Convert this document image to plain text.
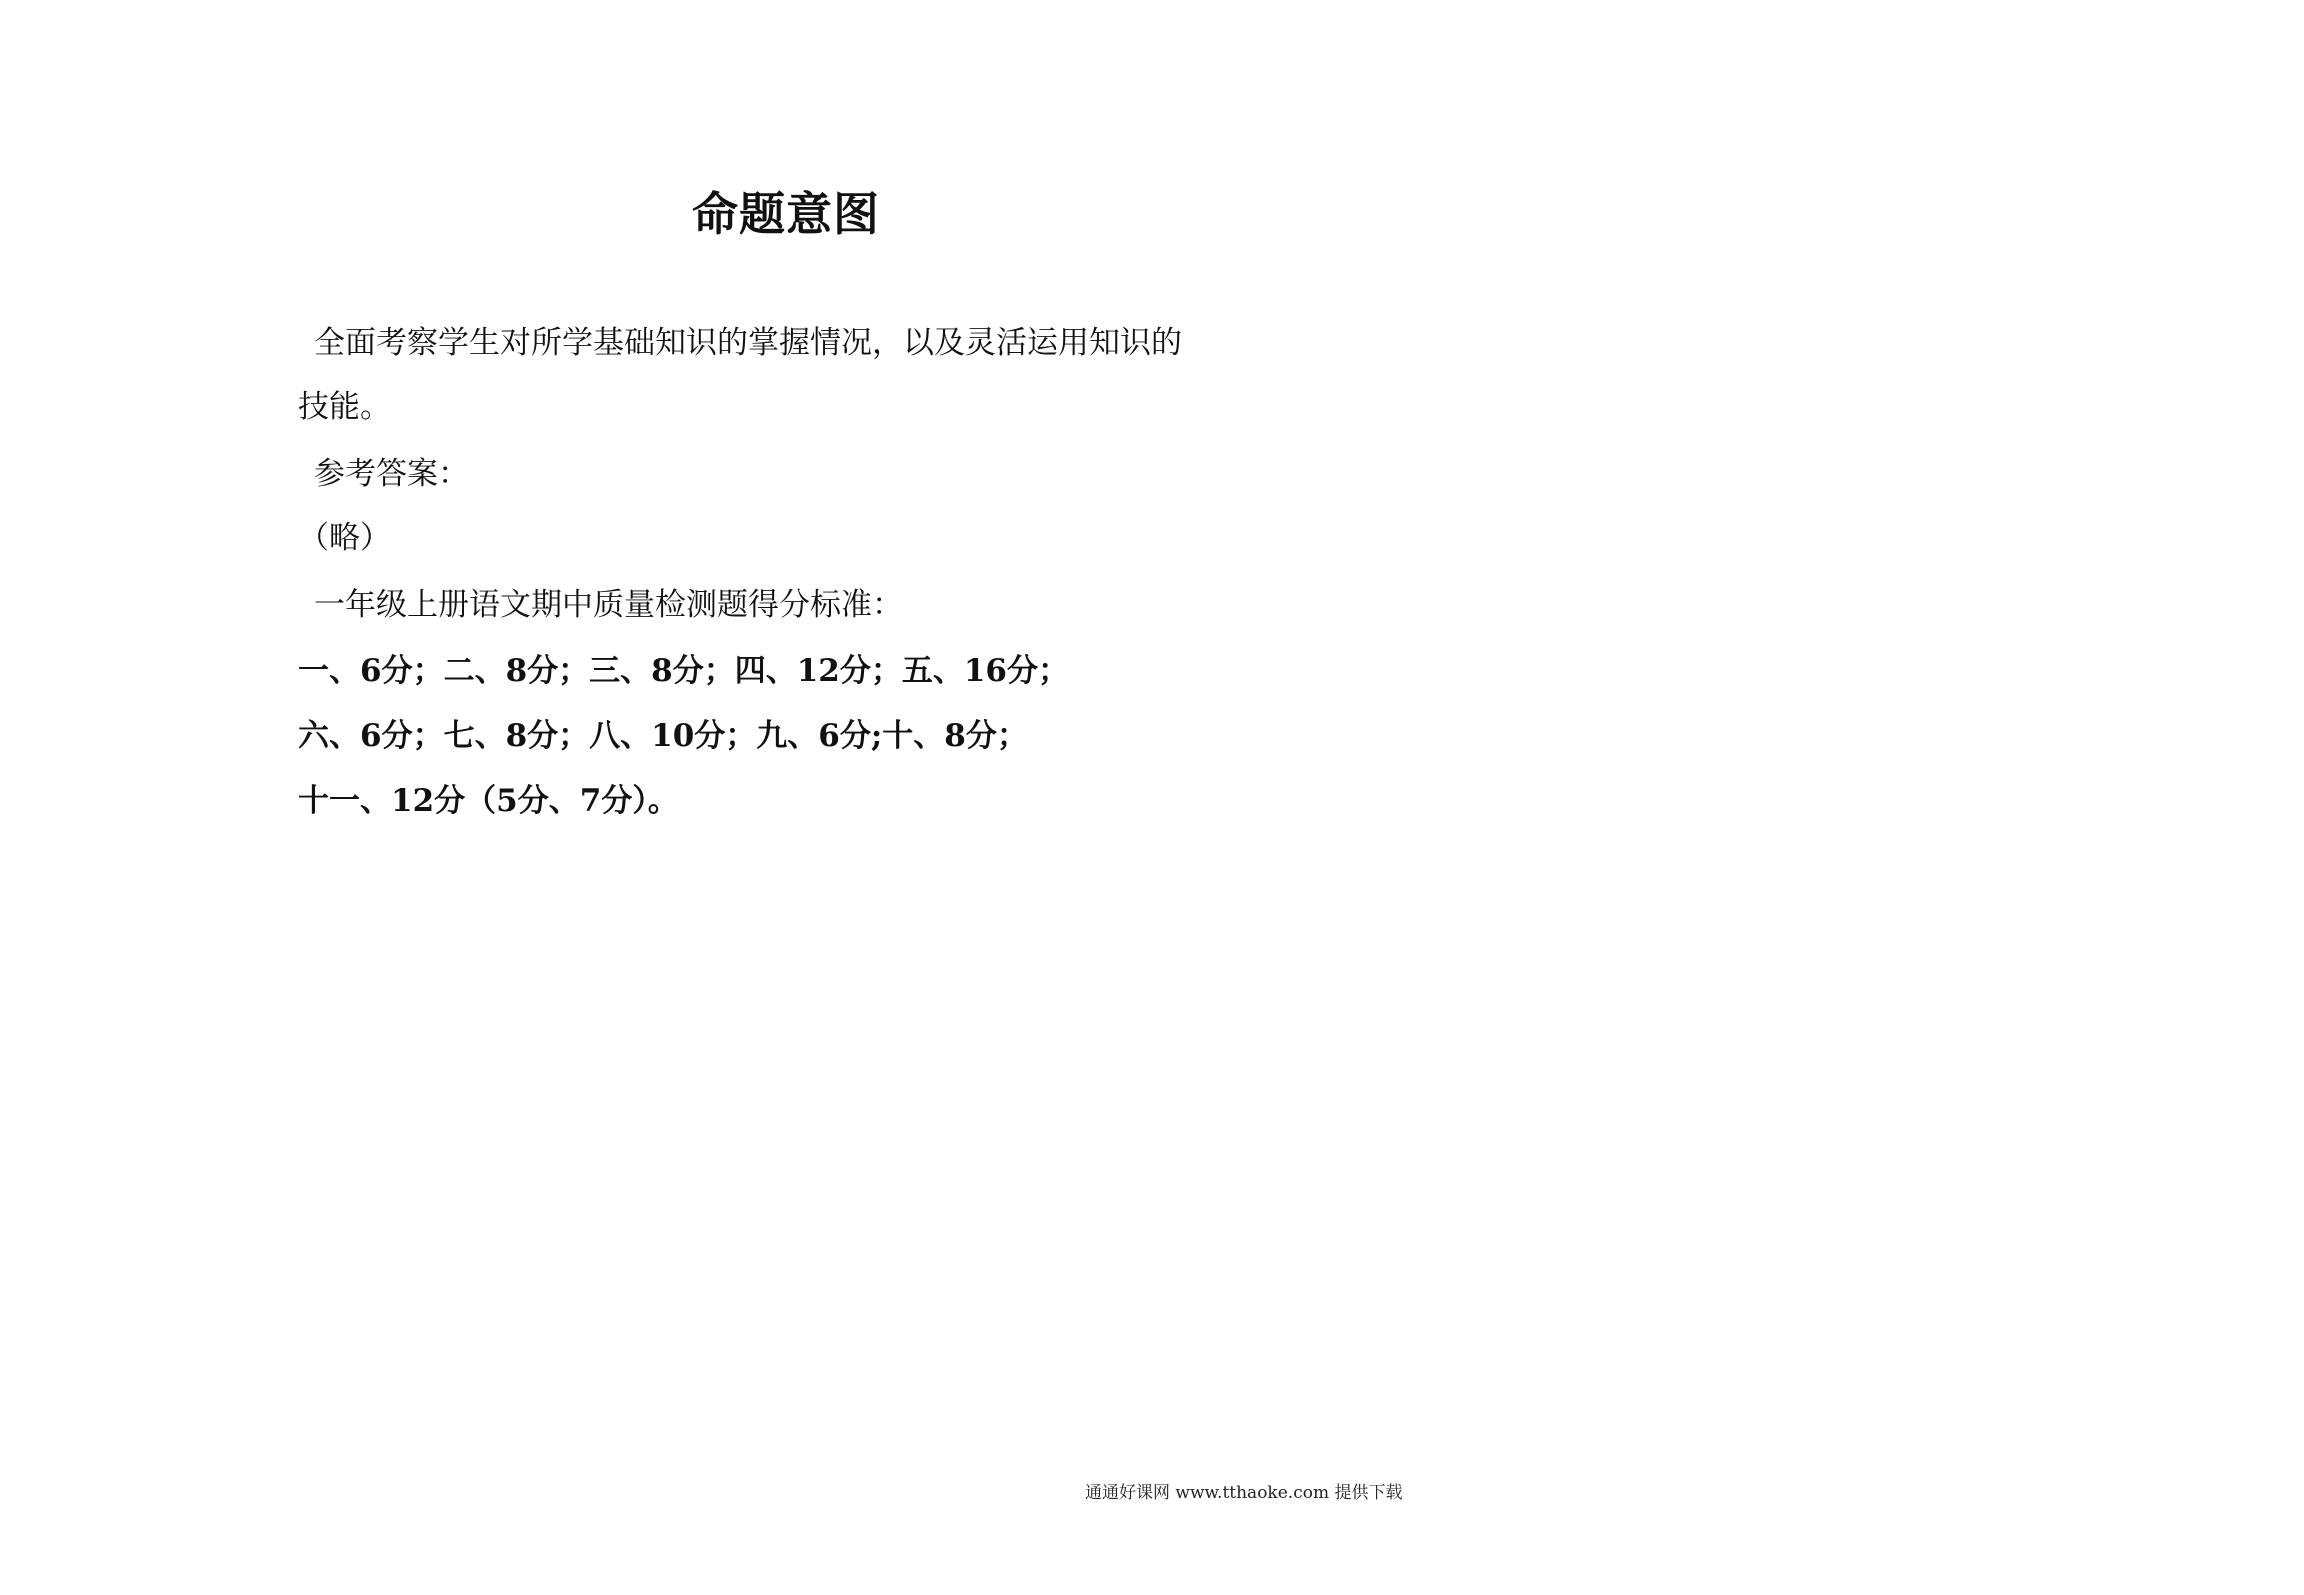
命题意图
全面考察学生对所学基础知识的掌握情况，以及灵活运用知识的
技能。
参考答案：
（略）
一年级上册语文期中质量检测题得分标准：
一、6分；二、8分；三、8分；四、12分；五、16分；
六、6分；七、8分；八、10分；九、6分;十、8分；
十一、12分（5分、7分）。
通通好课网 www.tthaoke.com 提供下载
